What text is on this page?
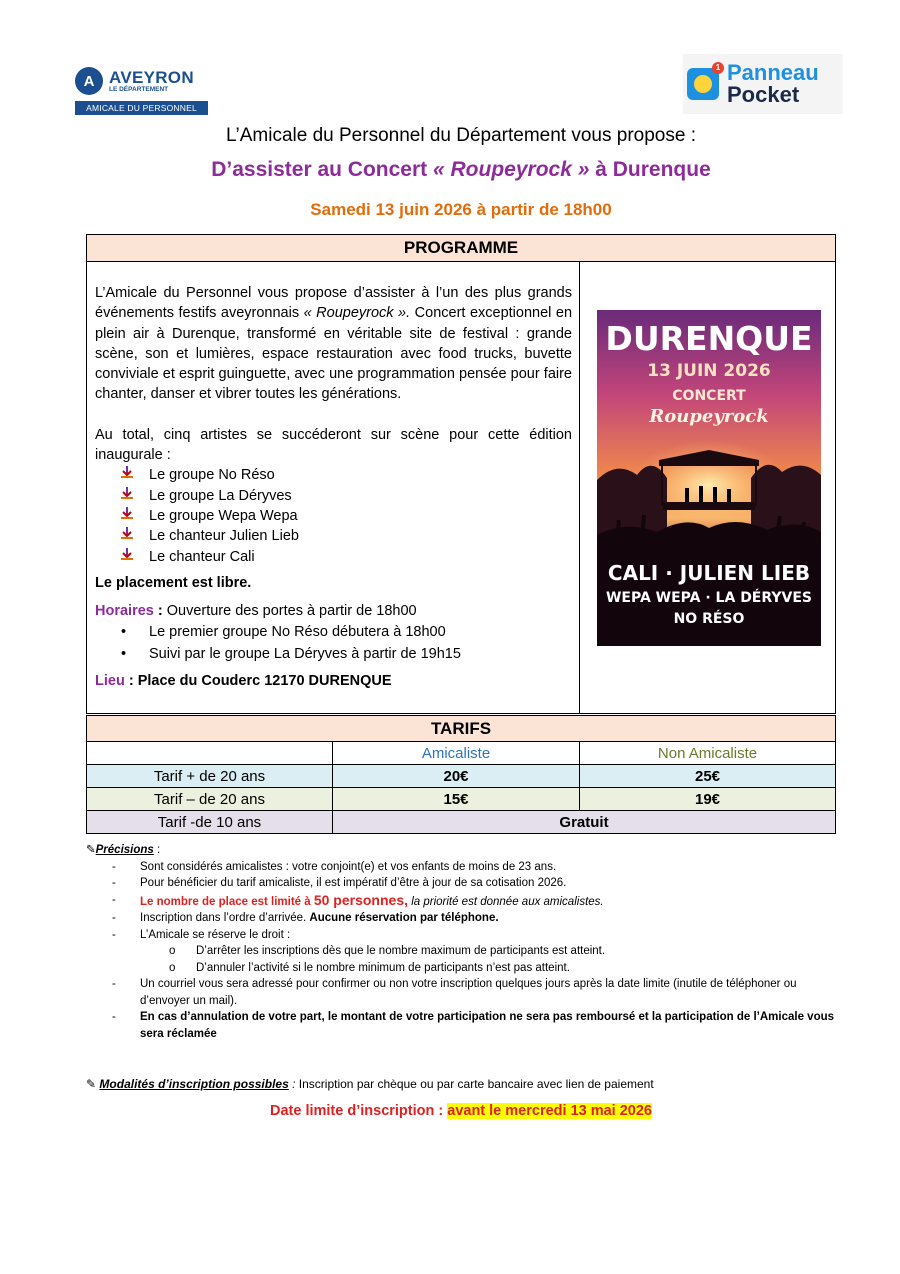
A AVEYRON
LE DÉPARTEMENT
AMICALE DU PERSONNEL
1 Panneau
Pocket
L’Amicale du Personnel du Département vous propose :
D’assister au Concert « Roupeyrock » à Durenque
Samedi 13 juin 2026 à partir de 18h00
PROGRAMME
L’Amicale du Personnel vous propose d’assister à l’un des plus grands événements festifs aveyronnais « Roupeyrock ». Concert exceptionnel en plein air à Durenque, transformé en véritable site de festival : grande scène, son et lumières, espace restauration avec food trucks, buvette conviviale et esprit guinguette, avec une programmation pensée pour faire chanter, danser et vibrer toutes les générations.
Au total, cinq artistes se succéderont sur scène pour cette édition inaugurale :
Le groupe No Réso
Le groupe La Déryves
Le groupe Wepa Wepa
Le chanteur Julien Lieb
Le chanteur Cali
Le placement est libre.
Horaires : Ouverture des portes à partir de 18h00
•	Le premier groupe No Réso débutera à 18h00
•	Suivi par le groupe La Déryves à partir de 19h15
Lieu : Place du Couderc 12170 DURENQUE
DURENQUE
13 JUIN 2026
CONCERT
Roupeyrock
CALI · JULIEN LIEB
WEPA WEPA · LA DÉRYVES
NO RÉSO
TARIFS		
	Amicaliste	Non Amicaliste
Tarif + de 20 ans	20€	25€
Tarif – de 20 ans	15€	19€
Tarif -de 10 ans	Gratuit	
✎Précisions :
-	Sont considérés amicalistes : votre conjoint(e) et vos enfants de moins de 23 ans.
-	Pour bénéficier du tarif amicaliste, il est impératif d’être à jour de sa cotisation 2026.
-	Le nombre de place est limité à 50 personnes, la priorité est donnée aux amicalistes.
-	Inscription dans l’ordre d’arrivée. Aucune réservation par téléphone.
-	L’Amicale se réserve le droit :
o	D’arrêter les inscriptions dès que le nombre maximum de participants est atteint.
o	D’annuler l’activité si le nombre minimum de participants n’est pas atteint.
-	Un courriel vous sera adressé pour confirmer ou non votre inscription quelques jours après la date limite (inutile de téléphoner ou d’envoyer un mail).
-	En cas d’annulation de votre part, le montant de votre participation ne sera pas remboursé et la participation de l’Amicale vous sera réclamée
✎ Modalités d’inscription possibles : Inscription par chèque ou par carte bancaire avec lien de paiement
Date limite d’inscription : avant le mercredi 13 mai 2026
